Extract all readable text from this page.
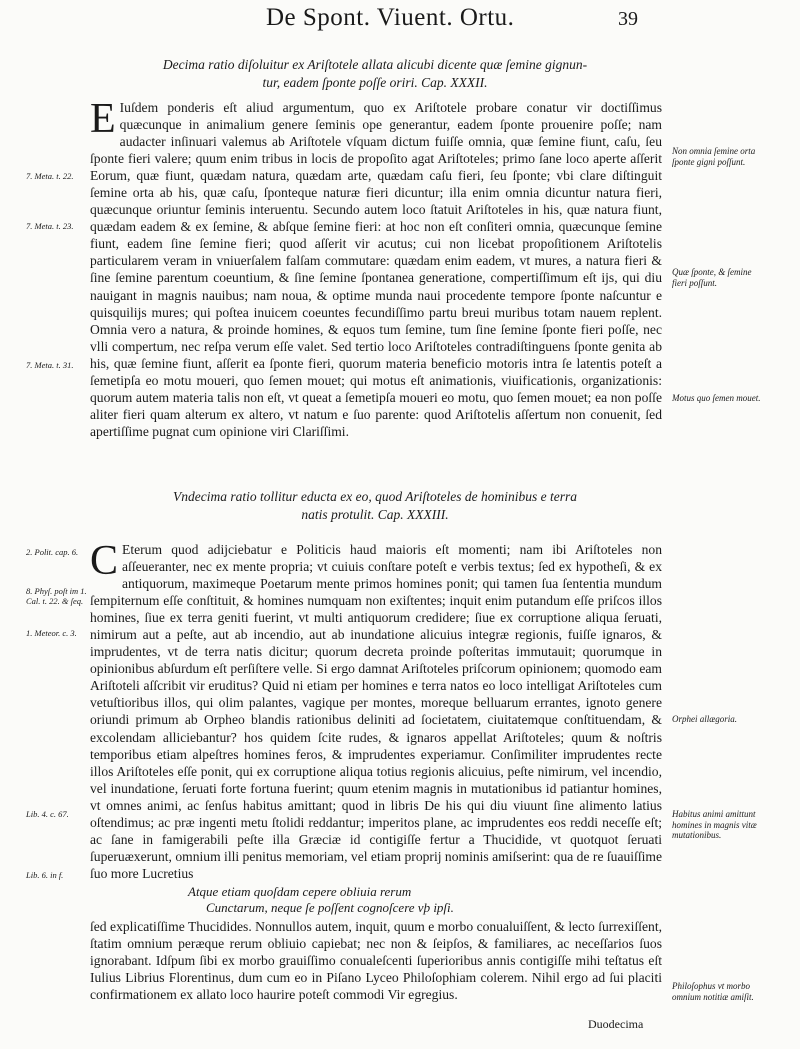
De Spont. Viuent. Ortu.	39
Decima ratio diſoluitur ex Ariſtotele allata alicubi dicente quæ ſemine gignun-
tur, eadem ſponte poſſe oriri. Cap. XXXII.

E Iuſdem ponderis eſt aliud argumentum, quo ex Ariſtotele probare conatur vir doctiſſimus quæcunque in animalium genere ſeminis ope generantur, eadem ſponte prouenire poſſe; nam audacter inſinuari valemus ab Ariſtotele vſquam dictum fuiſſe omnia, quæ ſemine fiunt, caſu, ſeu ſponte fieri valere; quum enim tribus in locis de propoſito agat Ariſtoteles; primo ſane loco aperte aſſerit Eorum, quæ fiunt, quædam natura, quædam arte, quædam caſu fieri, ſeu ſponte; vbi clare diſtinguit ſemine orta ab his, quæ caſu, ſponteque naturæ fieri dicuntur; illa enim omnia dicuntur natura fieri, quæcunque oriuntur ſeminis interuentu. Secundo autem loco ſtatuit Ariſtoteles in his, quæ natura fiunt, quædam eadem & ex ſemine, & abſque ſemine fieri: at hoc non eſt conſiteri omnia, quæcunque ſemine fiunt, eadem ſine ſemine fieri; quod aſſerit vir acutus; cui non licebat propoſitionem Ariſtotelis particularem veram in vniuerſalem falſam commutare: quædam enim eadem, vt mures, a natura fieri & ſine ſemine parentum coeuntium, & ſine ſemine ſpontanea generatione, compertiſſimum eſt ijs, qui diu nauigant in magnis nauibus; nam noua, & optime munda naui procedente tempore ſponte naſcuntur e quisquilijs mures; qui poſtea inuicem coeuntes fecundiſſimo partu breui muribus totam nauem replent. Omnia vero a natura, & proinde homines, & equos tum ſemine, tum ſine ſemine ſponte fieri poſſe, nec vlli compertum, nec reſpa verum eſſe valet. Sed tertio loco Ariſtoteles contradiſtinguens ſponte genita ab his, quæ ſemine fiunt, aſſerit ea ſponte fieri, quorum materia beneficio motoris intra ſe latentis poteſt a ſemetipſa eo motu moueri, quo ſemen mouet; qui motus eſt animationis, viuificationis, organizationis: quorum autem materia talis non eſt, vt queat a ſemetipſa moueri eo motu, quo ſemen mouet; ea non poſſe aliter fieri quam alterum ex altero, vt natum e ſuo parente: quod Ariſtotelis aſſertum non conuenit, ſed apertiſſime pugnat cum opinione viri Clariſſimi.

Vndecima ratio tollitur educta ex eo, quod Ariſtoteles de hominibus e terra
natis protulit. Cap. XXXIII.

C Eterum quod adijciebatur e Politicis haud maioris eſt momenti; nam ibi Ariſtoteles non aſſeueranter, nec ex mente propria; vt cuiuis conſtare poteſt e verbis textus; ſed ex hypotheſi, & ex antiquorum, maximeque Poetarum mente primos homines ponit; qui tamen ſua ſententia mundum ſempiternum eſſe conſtituit, & homines numquam non exiſtentes; inquit enim putandum eſſe priſcos illos homines, ſiue ex terra geniti fuerint, vt multi antiquorum credidere; ſiue ex corruptione aliqua ſeruati, nimirum aut a peſte, aut ab incendio, aut ab inundatione alicuius integræ regionis, fuiſſe ignaros, & imprudentes, vt de terra natis dicitur; quorum decreta proinde poſteritas immutauit; quorumque in opinionibus abſurdum eſt perſiſtere velle. Si ergo damnat Ariſtoteles priſcorum opinionem; quomodo eam Ariſtoteli aſſcribit vir eruditus? Quid ni etiam per homines e terra natos eo loco intelligat Ariſtoteles cum vetuſtioribus illos, qui olim palantes, vagique per montes, moreque belluarum errantes, ignoto genere oriundi primum ab Orpheo blandis rationibus deliniti ad ſocietatem, ciuitatemque conſtituendam, & excolendam alliciebantur? hos quidem ſcite rudes, & ignaros appellat Ariſtoteles; quum & noſtris temporibus etiam alpeſtres homines feros, & imprudentes experiamur. Conſimiliter imprudentes recte illos Ariſtoteles eſſe ponit, qui ex corruptione aliqua totius regionis alicuius, peſte nimirum, vel incendio, vel inundatione, ſeruati forte fortuna fuerint; quum etenim magnis in mutationibus id patiantur homines, vt omnes animi, ac ſenſus habitus amittant; quod in libris De his qui diu viuunt ſine alimento latius oſtendimus; ac præ ingenti metu ſtolidi reddantur; imperitos plane, ac imprudentes eos reddi neceſſe eſt; ac ſane in famigerabili peſte illa Græciæ id contigiſſe fertur a Thucidide, vt quotquot ſeruati ſuperuæxerunt, omnium illi penitus memoriam, vel etiam proprij nominis amiſserint: qua de re ſuauiſſime ſuo more Lucretius

Atque etiam quoſdam cepere obliuia rerum
Cunctarum, neque ſe poſſent cognoſcere vþ ipſi.

ſed explicatiſſime Thucidides. Nonnullos autem, inquit, quum e morbo conualuiſſent, & lecto ſurrexiſſent, ſtatim omnium peræque rerum obliuio capiebat; nec non & ſeipſos, & familiares, ac neceſſarios ſuos ignorabant. Idſpum ſibi ex morbo grauiſſimo conualeſcenti ſuperioribus annis contigiſſe mihi teſtatus eſt Iulius Librius Florentinus, dum cum eo in Piſano Lyceo Philoſophiam colerem. Nihil ergo ad ſui placiti confirmationem ex allato loco haurire poteſt commodi Vir egregius.

Duodecima
7. Meta. t. 22.
7. Meta. t. 23.
7. Meta. t. 31.
2. Polit. cap. 6.
8. Phyſ. poſt im 1. Cal. t. 22. & ſeq.
1. Meteor. c. 3.
Lib. 4. c. 67.
Lib. 6. in f.
Non omnia ſemine orta ſponte gigni poſſunt.
Quæ ſponte, & ſemine fieri poſſunt.
Motus quo ſemen mouet.
Orphei allægoria.
Habitus animi amittunt homines in magnis vitæ mutationibus.
Philoſophus vt morbo omnium notitiæ amiſit.
